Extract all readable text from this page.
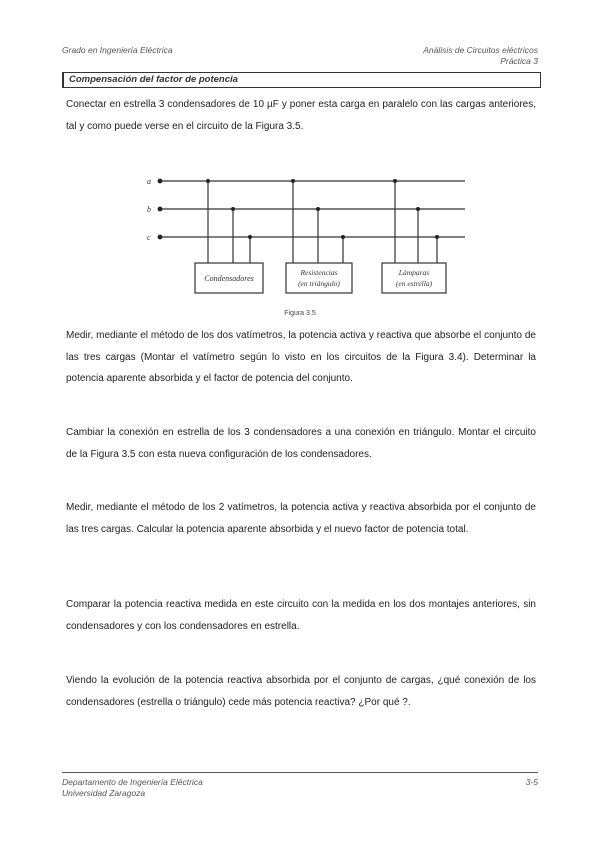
Grado en Ingeniería Eléctrica	Análisis de Circuitos eléctricos
Práctica 3
Compensación del factor de potencia
Conectar en estrella 3 condensadores de 10 µF y poner esta carga en paralelo con las cargas anteriores, tal y como puede verse en el circuito de la Figura 3.5.
a
b
c
Condensadores
Resistencias
(en triángulo)
Lámparas
(en estrella)
Figura 3.5
Medir, mediante el método de los dos vatímetros, la potencia activa y reactiva que absorbe el conjunto de las tres cargas (Montar el vatímetro según lo visto en los circuitos de la Figura 3.4). Determinar la potencia aparente absorbida y el factor de potencia del conjunto.
Cambiar la conexión en estrella de los 3 condensadores a una conexión en triángulo. Montar el circuito de la Figura 3.5 con esta nueva configuración de los condensadores.
Medir, mediante el método de los 2 vatímetros, la potencia activa y reactiva absorbida por el conjunto de las tres cargas. Calcular la potencia aparente absorbida y el nuevo factor de potencia total.
Comparar la potencia reactiva medida en este circuito con la medida en los dos montajes anteriores, sin condensadores y con los condensadores en estrella.
Viendo la evolución de la potencia reactiva absorbida por el conjunto de cargas, ¿qué conexión de los condensadores (estrella o triángulo) cede más potencia reactiva? ¿Por qué ?.
Departamento de Ingeniería Eléctrica
Universidad Zaragoza
3-5
